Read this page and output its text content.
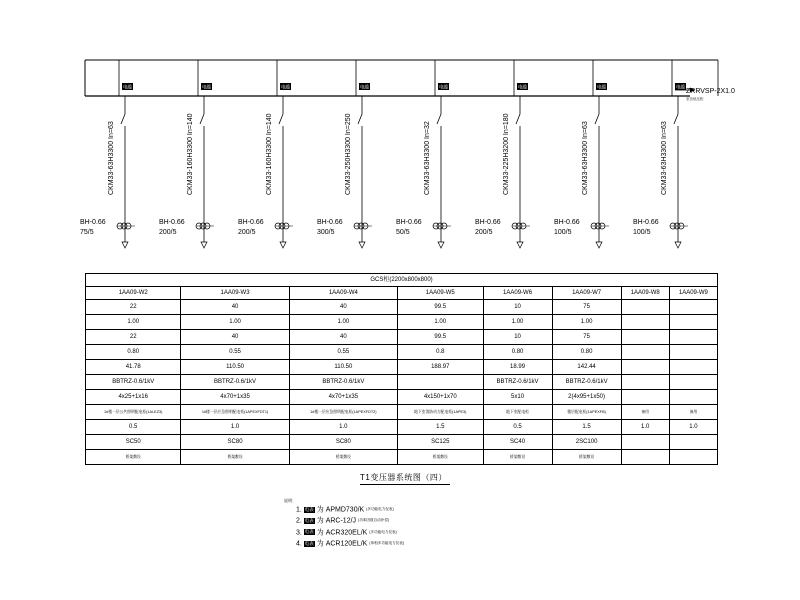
电缆
CKM33-63H3300 In=63
BH-0.66
75/5
电缆
CKM33-160H3300 In=140
BH-0.66
200/5
电缆
CKM33-160H3300 In=140
BH-0.66
200/5
电缆
CKM33-250H3300 In=250
BH-0.66
300/5
电缆
CKM33-63H3300 In=32
BH-0.66
50/5
电缆
CKM33-225H3200 In=180
BH-0.66
200/5
电缆
CKM33-63H3300 In=63
BH-0.66
100/5
电缆
CKM33-63H3300 In=63
BH-0.66
100/5
ZRRVSP-2X1.0
至各低压柜
GCS柜(2200x800x800)							
1AA09-W2	1AA09-W3	1AA09-W4	1AA09-W5	1AA09-W6	1AA09-W7	1AA09-W8	1AA09-W9
22	40	40	99.5	10	75		
1.00	1.00	1.00	1.00	1.00	1.00		
22	40	40	99.5	10	75		
0.80	0.55	0.55	0.8	0.80	0.80		
41.78	110.50	110.50	188.97	18.99	142.44		
BBTRZ-0.6/1kV	BBTRZ-0.6/1kV	BBTRZ-0.6/1kV		BBTRZ-0.6/1kV	BBTRZ-0.6/1kV		
4x25+1x16	4x70+1x35	4x70+1x35	4x150+1x70	5x10	2(4x95+1x50)		
1#楼一层公共照明配电柜(1ALEZ3)	1#楼一层应急照明配电柜(1APEXFDT1)	1#楼一层应急照明配电柜(1APEXFDT2)	地下室消防动力配电柜(1APE3)	地下室配电柜	楼层配电柜(1APEXFB)	备用	备用
0.5	1.0	1.0	1.5	0.5	1.5	1.0	1.0
SC50	SC80	SC80	SC125	SC40	2SC100		
桥架敷设	桥架敷设	桥架敷设	桥架敷设	桥架敷设	桥架敷设		
T1变压器系统图（四）
说明：
1. 电表 为 APMD730/K (多功能电力仪表)
2. 电表 为 ARC-12/J (功率因数自动补偿)
3. 电表 为 ACR320EL/K (多功能电力仪表)
4. 电表 为 ACR120EL/K (单相多功能电力仪表)
